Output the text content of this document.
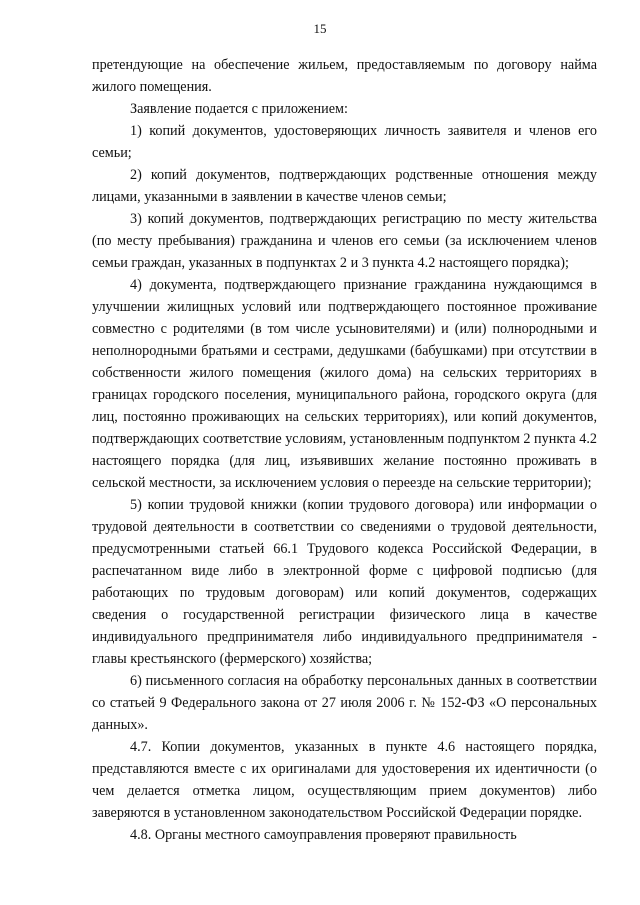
15

претендующие на обеспечение жильем, предоставляемым по договору найма жилого помещения.

Заявление подается с приложением:

1) копий документов, удостоверяющих личность заявителя и членов его семьи;

2) копий документов, подтверждающих родственные отношения между лицами, указанными в заявлении в качестве членов семьи;

3) копий документов, подтверждающих регистрацию по месту жительства (по месту пребывания) гражданина и членов его семьи (за исключением членов семьи граждан, указанных в подпунктах 2 и 3 пункта 4.2 настоящего порядка);

4) документа, подтверждающего признание гражданина нуждающимся в улучшении жилищных условий или подтверждающего постоянное проживание совместно с родителями (в том числе усыновителями) и (или) полнородными и неполнородными братьями и сестрами, дедушками (бабушками) при отсутствии в собственности жилого помещения (жилого дома) на сельских территориях в границах городского поселения, муниципального района, городского округа (для лиц, постоянно проживающих на сельских территориях), или копий документов, подтверждающих соответствие условиям, установленным подпунктом 2 пункта 4.2 настоящего порядка (для лиц, изъявивших желание постоянно проживать в сельской местности, за исключением условия о переезде на сельские территории);

5) копии трудовой книжки (копии трудового договора) или информации о трудовой деятельности в соответствии со сведениями о трудовой деятельности, предусмотренными статьей 66.1 Трудового кодекса Российской Федерации, в распечатанном виде либо в электронной форме с цифровой подписью (для работающих по трудовым договорам) или копий документов, содержащих сведения о государственной регистрации физического лица в качестве индивидуального предпринимателя либо индивидуального предпринимателя - главы крестьянского (фермерского) хозяйства;

6) письменного согласия на обработку персональных данных в соответствии со статьей 9 Федерального закона от 27 июля 2006 г. № 152-ФЗ «О персональных данных».

4.7. Копии документов, указанных в пункте 4.6 настоящего порядка, представляются вместе с их оригиналами для удостоверения их идентичности (о чем делается отметка лицом, осуществляющим прием документов) либо заверяются в установленном законодательством Российской Федерации порядке.

4.8. Органы местного самоуправления проверяют правильность
